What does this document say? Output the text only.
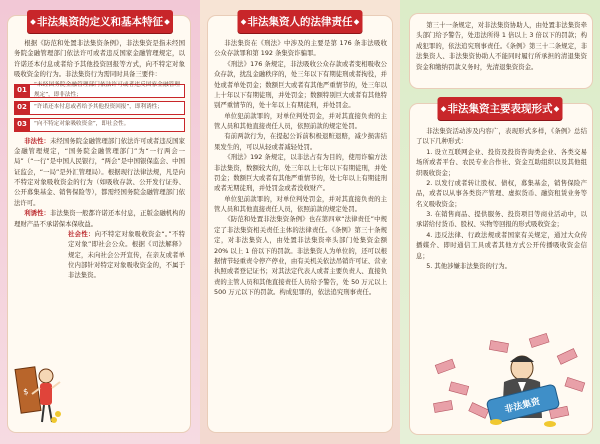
非法集资的定义和基本特征

根据《防范和处置非法集资条例》，非法集资是指未经国务院金融管理部门依法许可或者违反国家金融管理规定，以许诺还本付息或者给予其他投资回报等方式，向不特定对象吸收资金的行为。非法集资行为需同时具备三要件：

01
“未经国务院金融管理部门依法许可或者违反国家金融管理规定”，即非法性；
02	“许诺还本付息或者给予其他投资回报”，即利诱性；
03	“向不特定对象吸收资金”，即社会性。

非法性：未经国务院金融管理部门依法许可或者违反国家金融管理规定，“国务院金融管理部门”为“一行两会一局”（“一行”是中国人民银行，“两会”是中国银保监会、中国证监会，“一局”是外汇管理局）。根据现行法律法规，凡是向不特定对象吸收资金的行为（如吸收存款、公开发行证券、公开募集基金、销售保险等），都需经国务院金融管理部门依法许可。

利诱性：非法集资一般都许诺还本付息，正版金融机构的理财产品不承诺保本保收益。

社会性：向不特定对象吸收资金“。”不特定对象”即社会公众。根据《司法解释》规定，未向社会公开宣传，在亲友或者单位内部针对特定对象吸收资金的，不属于非法集资。

$
非法集资人的法律责任

非法集资在《刑法》中涉及的主要是第 176 条非法吸收公众存款罪和第 192 条集资诈骗罪。

《刑法》176 条规定，非法吸收公众存款或者变相吸收公众存款，扰乱金融秩序的，处三年以下有期徒刑或者拘役，并处或者单处罚金；数额巨大或者有其他严重情节的，处三年以上十年以下有期徒刑，并处罚金；数额特别巨大或者有其他特别严重情节的，处十年以上有期徒刑，并处罚金。

单位犯前款罪的，对单位判处罚金，并对其直接负责的主管人员和其他直接责任人员，依照前款的规定处罚。

有前两款行为，在提起公诉前积极退赃退赔，减少损害结果发生的，可以从轻或者减轻处罚。

《刑法》192 条规定，以非法占有为目的，使用诈骗方法非法集资，数额较大的，处三年以上七年以下有期徒刑，并处罚金；数额巨大或者有其他严重情节的，处七年以上有期徒刑或者无期徒刑，并处罚金或者没收财产。

单位犯前款罪的，对单位判处罚金，并对其直接负责的主管人员和其他直接责任人员，依照前款的规定处罚。

《防范和处置非法集资条例》也在第四章“法律责任”中规定了非法集资相关责任主体的法律责任。《条例》第三十条规定，对非法集资人，由处置非法集资牵头部门处集资金额 20% 以上 1 倍以下的罚款。非法集资人为单位的，还可以根据情节轻重责令停产停业，由有关机关依法吊销许可证、营业执照或者登记证书；对其法定代表人或者主要负责人、直接负责的主管人员和其他直接责任人员给予警告，处 50 万元以上 500 万元以下的罚款。构成犯罪的，依法追究刑事责任。

第三十一条规定，对非法集资协助人，由处置非法集资牵头部门给予警告，处违法所得 1 倍以上 3 倍以下的罚款；构成犯罪的，依法追究刑事责任。《条例》第三十二条规定，非法集资人、非法集资协助人不能同时履行所承担的清退集资资金和缴纳罚款义务时，先清退集资资金。

非法集资主要表现形式

非法集资活动涉及内容广，表现形式多样，《条例》总结了以下几种形式：

1. 设立互联网企业、投资及投资咨询类企业、各类交易场所或者平台、农民专业合作社、资金互助组织以及其他组织吸收资金；

2. 以发行或者转让股权、债权，募集基金，销售保险产品，或者以从事各类资产管理、虚拟货币、融资租赁业务等名义吸收资金；

3. 在销售商品、提供服务、投资项目等商业活动中，以承诺给付货币、股权、实物等回报的形式吸收资金；

4. 违反法律、行政法规或者国家有关规定，通过大众传播媒介、即时通信工具或者其他方式公开传播吸收资金信息；

5. 其他涉嫌非法集资的行为。

非法集资
